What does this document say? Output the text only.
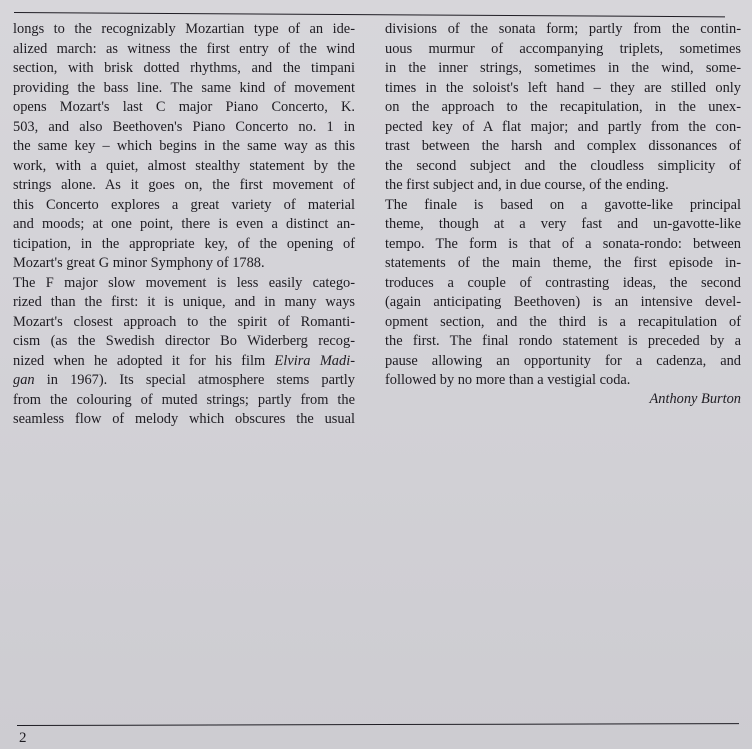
longs to the recognizably Mozartian type of an ide-
alized march: as witness the first entry of the wind
section, with brisk dotted rhythms, and the timpani
providing the bass line. The same kind of movement
opens Mozart's last C major Piano Concerto, K.
503, and also Beethoven's Piano Concerto no. 1 in
the same key – which begins in the same way as this
work, with a quiet, almost stealthy statement by the
strings alone. As it goes on, the first movement of
this Concerto explores a great variety of material
and moods; at one point, there is even a distinct an-
ticipation, in the appropriate key, of the opening of
Mozart's great G minor Symphony of 1788.
The F major slow movement is less easily catego-
rized than the first: it is unique, and in many ways
Mozart's closest approach to the spirit of Romanti-
cism (as the Swedish director Bo Widerberg recog-
nized when he adopted it for his film Elvira Madi-
gan in 1967). Its special atmosphere stems partly
from the colouring of muted strings; partly from the
seamless flow of melody which obscures the usual
divisions of the sonata form; partly from the contin-
uous murmur of accompanying triplets, sometimes
in the inner strings, sometimes in the wind, some-
times in the soloist's left hand – they are stilled only
on the approach to the recapitulation, in the unex-
pected key of A flat major; and partly from the con-
trast between the harsh and complex dissonances of
the second subject and the cloudless simplicity of
the first subject and, in due course, of the ending.
The finale is based on a gavotte-like principal
theme, though at a very fast and un-gavotte-like
tempo. The form is that of a sonata-rondo: between
statements of the main theme, the first episode in-
troduces a couple of contrasting ideas, the second
(again anticipating Beethoven) is an intensive devel-
opment section, and the third is a recapitulation of
the first. The final rondo statement is preceded by a
pause allowing an opportunity for a cadenza, and
followed by no more than a vestigial coda.
Anthony Burton
2
